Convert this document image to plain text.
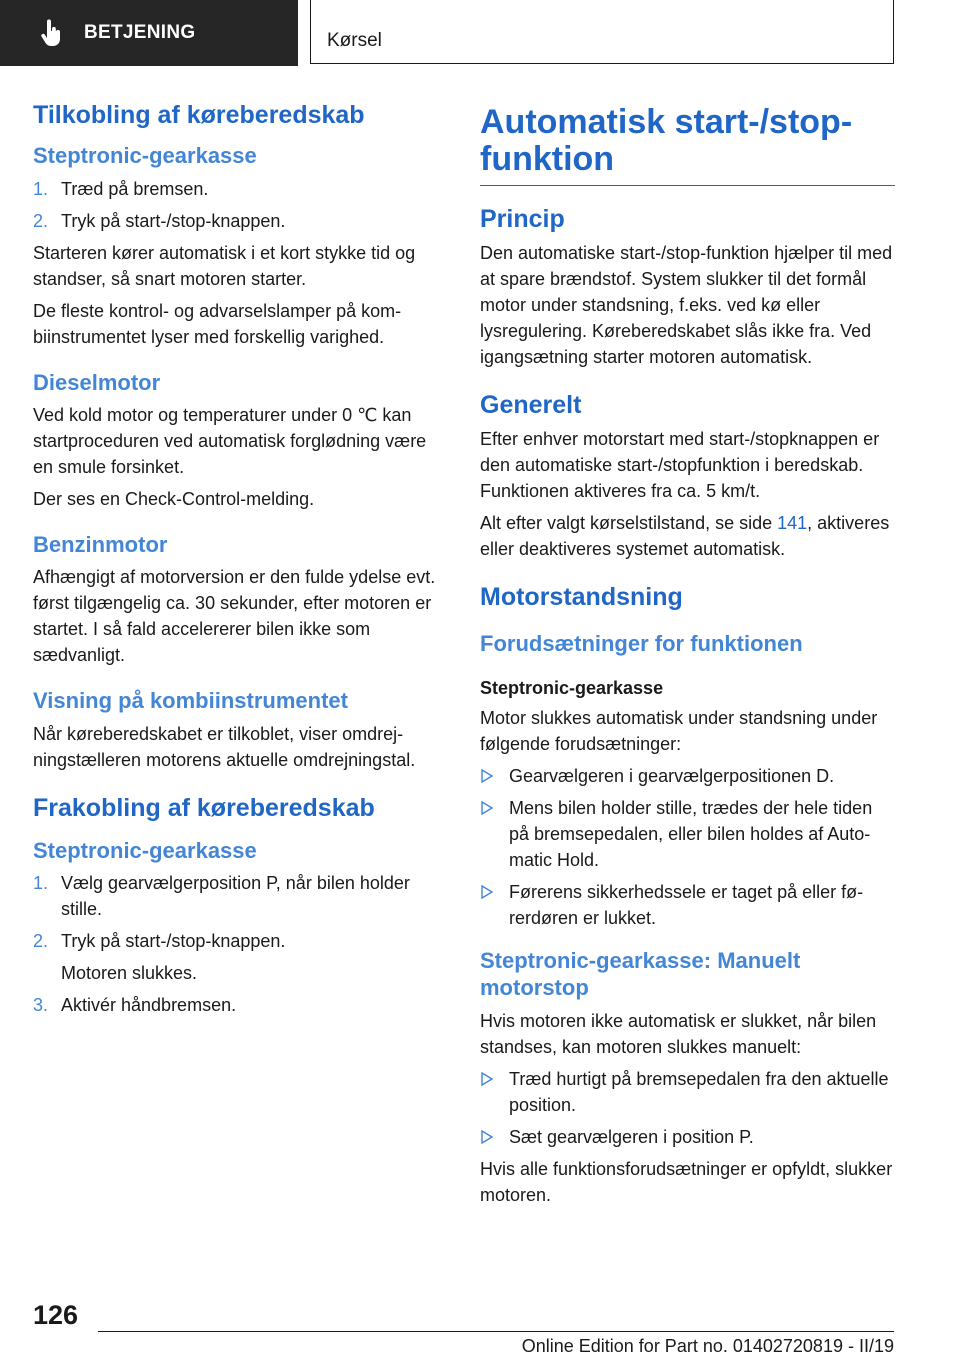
BETJENING	Kørsel
Tilkobling af køreberedskab
Steptronic-gearkasse
1. Træd på bremsen.
2. Tryk på start-/stop-knappen.

Starteren kører automatisk i et kort stykke tid og standser, så snart motoren starter.

De fleste kontrol- og advarselslamper på kombiinstrumentet lyser med forskellig varighed.

Dieselmotor

Ved kold motor og temperaturer under 0 ℃ kan startproceduren ved automatisk forglødning være en smule forsinket.

Der ses en Check-Control-melding.

Benzinmotor

Afhængigt af motorversion er den fulde ydelse evt. først tilgængelig ca. 30 sekunder, efter motoren er startet. I så fald accelererer bilen ikke som sædvanligt.

Visning på kombiinstrumentet

Når køreberedskabet er tilkoblet, viser omdrejningstælleren motorens aktuelle omdrejningstal.

Frakobling af køreberedskab
Steptronic-gearkasse
1. Vælg gearvælgerposition P, når bilen holder stille.
2. Tryk på start-/stop-knappen.
Motoren slukkes.
3. Aktivér håndbremsen.
Automatisk start-/stop-funktion
Princip

Den automatiske start-/stop-funktion hjælper til med at spare brændstof. System slukker til det formål motor under standsning, f.eks. ved kø eller lysregulering. Køreberedskabet slås ikke fra. Ved igangsætning starter motoren automatisk.

Generelt

Efter enhver motorstart med start-/stopknappen er den automatiske start-/stopfunktion i beredskab. Funktionen aktiveres fra ca. 5 km/t.

Alt efter valgt kørselstilstand, se side 141, aktiveres eller deaktiveres systemet automatisk.

Motorstandsning
Forudsætninger for funktionen
Steptronic-gearkasse

Motor slukkes automatisk under standsning under følgende forudsætninger:

Gearvælgeren i gearvælgerpositionen D.
Mens bilen holder stille, trædes der hele tiden på bremsepedalen, eller bilen holdes af Automatic Hold.
Førerens sikkerhedssele er taget på eller førerdøren er lukket.
Steptronic-gearkasse: Manuelt motorstop

Hvis motoren ikke automatisk er slukket, når bilen standses, kan motoren slukkes manuelt:

Træd hurtigt på bremsepedalen fra den aktuelle position.
Sæt gearvælgeren i position P.

Hvis alle funktionsforudsætninger er opfyldt, slukker motoren.

126
Online Edition for Part no. 01402720819 - II/19
